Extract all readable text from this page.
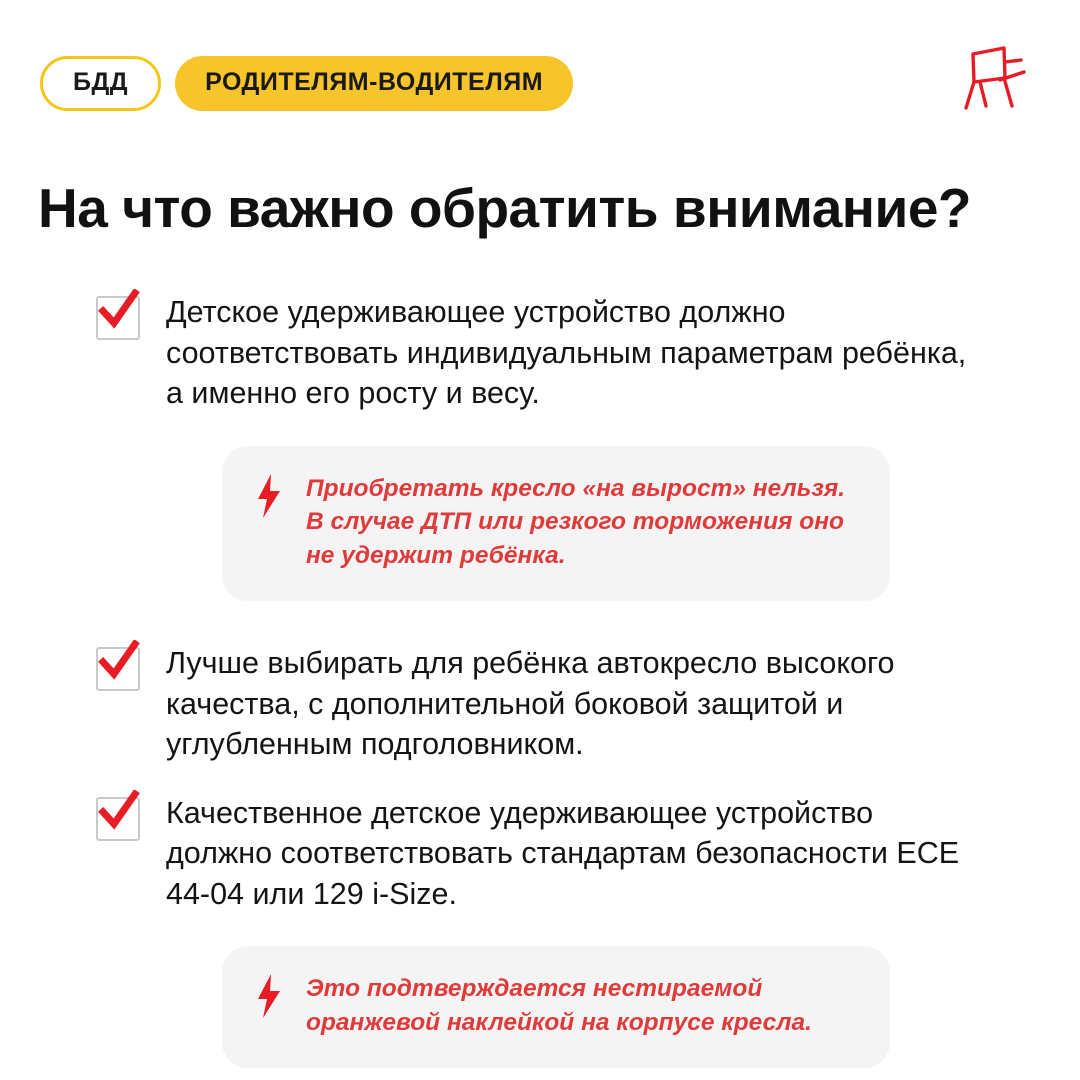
БДД	РОДИТЕЛЯМ-ВОДИТЕЛЯМ
На что важно обратить внимание?
Детское удерживающее устройство должно соответствовать индивидуальным параметрам ребёнка, а именно его росту и весу.
Приобретать кресло «на вырост» нельзя. В случае ДТП или резкого торможения оно не удержит ребёнка.
Лучше выбирать для ребёнка автокресло высокого качества, с дополнительной боковой защитой и углубленным подголовником.
Качественное детское удерживающее устройство должно соответствовать стандартам безопасности ECE 44-04 или 129 i-Size.
Это подтверждается нестираемой оранжевой наклейкой на корпусе кресла.
